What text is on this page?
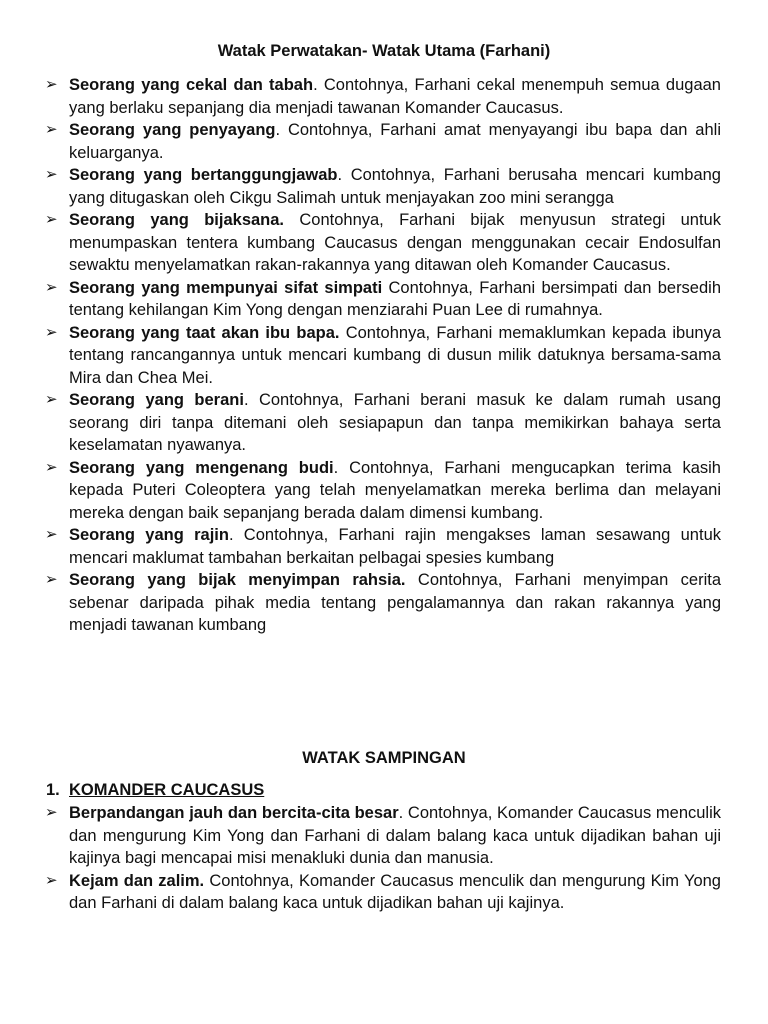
Watak Perwatakan- Watak Utama (Farhani)
➢ Seorang yang cekal dan tabah. Contohnya, Farhani cekal menempuh semua dugaan yang berlaku sepanjang dia menjadi tawanan Komander Caucasus.
➢ Seorang yang penyayang. Contohnya, Farhani amat menyayangi ibu bapa dan ahli keluarganya.
➢ Seorang yang bertanggungjawab. Contohnya, Farhani berusaha mencari kumbang yang ditugaskan oleh Cikgu Salimah untuk menjayakan zoo mini serangga
➢ Seorang yang bijaksana. Contohnya, Farhani bijak menyusun strategi untuk menumpaskan tentera kumbang Caucasus dengan menggunakan cecair Endosulfan sewaktu menyelamatkan rakan-rakannya yang ditawan oleh Komander Caucasus.
➢ Seorang yang mempunyai sifat simpati Contohnya, Farhani bersimpati dan bersedih tentang kehilangan Kim Yong dengan menziarahi Puan Lee di rumahnya.
➢ Seorang yang taat akan ibu bapa. Contohnya, Farhani memaklumkan kepada ibunya tentang rancangannya untuk mencari kumbang di dusun milik datuknya bersama-sama Mira dan Chea Mei.
➢ Seorang yang berani. Contohnya, Farhani berani masuk ke dalam rumah usang seorang diri tanpa ditemani oleh sesiapapun dan tanpa memikirkan bahaya serta keselamatan nyawanya.
➢ Seorang yang mengenang budi. Contohnya, Farhani mengucapkan terima kasih kepada Puteri Coleoptera yang telah menyelamatkan mereka berlima dan melayani mereka dengan baik sepanjang berada dalam dimensi kumbang.
➢ Seorang yang rajin. Contohnya, Farhani rajin mengakses laman sesawang untuk mencari maklumat tambahan berkaitan pelbagai spesies kumbang
➢ Seorang yang bijak menyimpan rahsia. Contohnya, Farhani menyimpan cerita sebenar daripada pihak media tentang pengalamannya dan rakan rakannya yang menjadi tawanan kumbang
WATAK SAMPINGAN
1. KOMANDER CAUCASUS
➢ Berpandangan jauh dan bercita-cita besar. Contohnya, Komander Caucasus menculik dan mengurung Kim Yong dan Farhani di dalam balang kaca untuk dijadikan bahan uji kajinya bagi mencapai misi menakluki dunia dan manusia.
➢ Kejam dan zalim. Contohnya, Komander Caucasus menculik dan mengurung Kim Yong dan Farhani di dalam balang kaca untuk dijadikan bahan uji kajinya.
